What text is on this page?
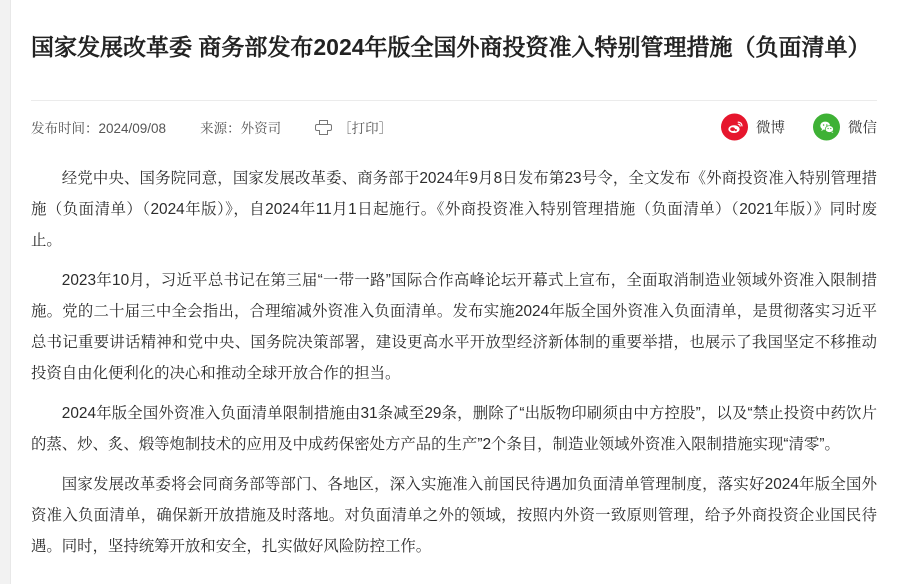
国家发展改革委 商务部发布2024年版全国外商投资准入特别管理措施（负面清单）
发布时间：2024/09/08	来源：外资司	［打印］	微博	微信

经党中央、国务院同意，国家发展改革委、商务部于2024年9月8日发布第23号令，全文发布《外商投资准入特别管理措施（负面清单）（2024年版）》，自2024年11月1日起施行。《外商投资准入特别管理措施（负面清单）（2021年版）》同时废止。

2023年10月，习近平总书记在第三届“一带一路”国际合作高峰论坛开幕式上宣布，全面取消制造业领域外资准入限制措施。党的二十届三中全会指出，合理缩减外资准入负面清单。发布实施2024年版全国外资准入负面清单，是贯彻落实习近平总书记重要讲话精神和党中央、国务院决策部署，建设更高水平开放型经济新体制的重要举措，也展示了我国坚定不移推动投资自由化便利化的决心和推动全球开放合作的担当。

2024年版全国外资准入负面清单限制措施由31条减至29条，删除了“出版物印刷须由中方控股”，以及“禁止投资中药饮片的蒸、炒、炙、煅等炮制技术的应用及中成药保密处方产品的生产”2个条目，制造业领域外资准入限制措施实现“清零”。

国家发展改革委将会同商务部等部门、各地区，深入实施准入前国民待遇加负面清单管理制度，落实好2024年版全国外资准入负面清单，确保新开放措施及时落地。对负面清单之外的领域，按照内外资一致原则管理，给予外商投资企业国民待遇。同时，坚持统筹开放和安全，扎实做好风险防控工作。
